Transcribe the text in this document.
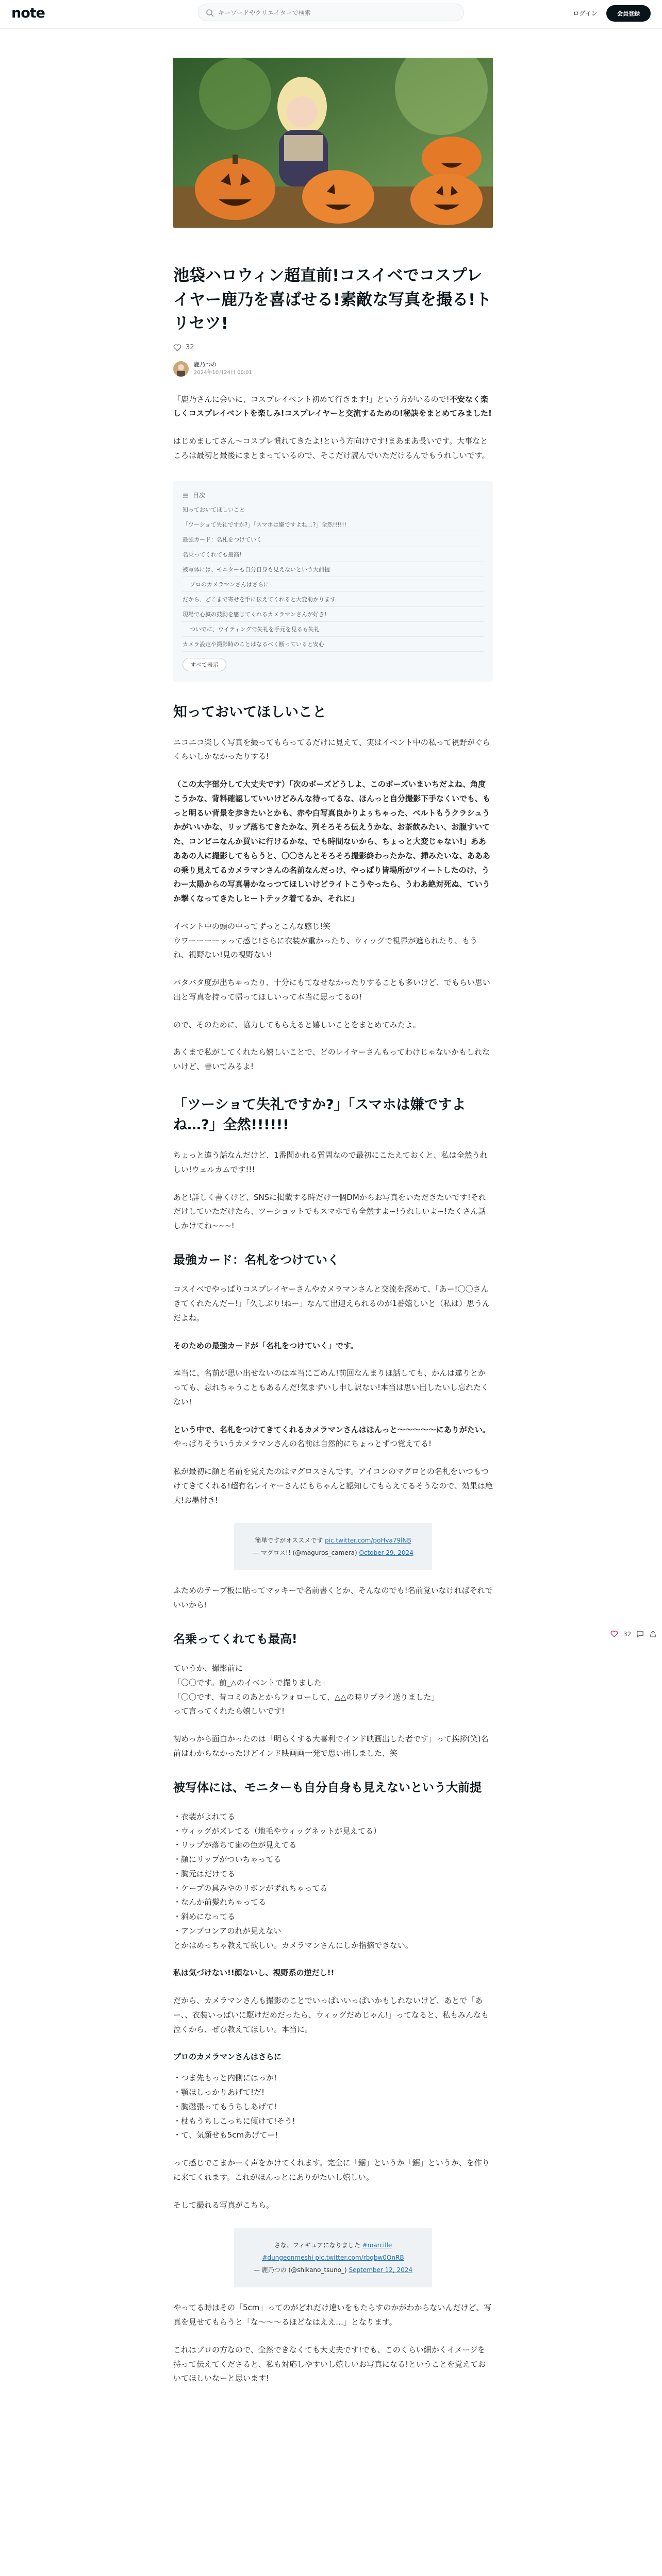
note
キーワードやクリエイターで検索	ログイン	会員登録
池袋ハロウィン超直前!コスイベでコスプレイヤー鹿乃を喜ばせる!素敵な写真を撮る!トリセツ!
32
鹿乃つの
2024年10月24日 00:01

「鹿乃さんに会いに、コスプレイベント初めて行きます!」という方がいるので!不安なく楽しくコスプレイベントを楽しみ!コスプレイヤーと交流するための!秘訣をまとめてみました!

はじめましてさん〜コスプレ慣れてきたよ!という方向けです!まあまあ長いです。大事なところは最初と最後にまとまっているので、そこだけ読んでいただけるんでもうれしいです。

目次
知っておいてほしいこと
「ツーショて失礼ですか?」「スマホは嫌ですよね…?」全然!!!!!!
最強カード：名札をつけていく
名乗ってくれても最高!
被写体には、モニターも自分自身も見えないという大前提
プロのカメラマンさんはさらに
だから、どこまで寄せを手に伝えてくれると大変助かります
現場で心臓の鼓動を感じてくれるカメラマンさんが好き!
ついでに、ウイティングで失礼を手元を見るも失礼
カメラ設定や撮影時のことはなるべく断っていると安心
すべて表示
知っておいてほしいこと

ニコニコ楽しく写真を撮ってもらってるだけに見えて、実はイベント中の私って視野がぐらくらいしかなかったりする!

（この太字部分して大丈夫です）「次のポーズどうしよ、このポーズいまいちだよね、角度こうかな、背料確認していいけどみんな待ってるな、ほんっと自分撮影下手なくいでも、もっと明るい背景を歩きたいとかも、赤や白写真良かりよぅちゃった、ベルトもうクラシュうかがいいかな、リップ落ちてきたかな、列そろそろ伝えうかな、お茶飲みたい、お腹すいてた、コンビニなんか買いに行けるかな、でも時間ないから、ちょっと大変じゃない!」ああああの人に撮影してもらうと、〇〇さんとそろそろ撮影終わったかな、挿みたいな、あああの乗り見えてるカメラマンさんの名前なんだっけ、やっぱり皆場所がツイートしたのけ、うわー太陽からの写真暑かなっつてほしいけどライトこうやったら、うわあ絶対死ぬ、ていうか撃くなってきたしヒートテック着てるか、それに」

イベント中の頭の中ってずっとこんな感じ!笑
ウワーーーーッって感じ!さらに衣装が重かったり、ウィッグで視界が遮られたり、もうね、視野ない!見の視野ない!

バタバタ度が出ちゃったり、十分にもてなせなかったりすることも多いけど、でもらい思い出と写真を持って帰ってほしいって本当に思ってるの!

ので、そのために、協力してもらえると嬉しいことをまとめてみたよ。

あくまで私がしてくれたら嬉しいことで、どのレイヤーさんもってわけじゃないかもしれないけど、書いてみるよ!

「ツーショて失礼ですか?」「スマホは嫌ですよね…?」全然!!!!!!

ちょっと違う話なんだけど、1番聞かれる質問なので最初にこたえておくと、私は全然うれしい!ウェルカムです!!!

あと!詳しく書くけど、SNSに掲載する時だけ一個DMからお写真をいただきたいです!それだけしていただけたら、ツーショットでもスマホでも全然すよ~!うれしいよ~!たくさん話しかけてね~~~!

最強カード：名札をつけていく

コスイベでやっぱりコスプレイヤーさんやカメラマンさんと交流を深めて、「あー!〇〇さんきてくれたんだー!」「久しぶり!ねー」なんて出迎えられるのが1番嬉しいと（私は）思うんだよね。

そのための最強カードが「名札をつけていく」です。

本当に、名前が思い出せないのは本当にごめん!前回なんまりほ話しても、かんは違りとかっても、忘れちゃうこともあるんだ!気まずいし申し訳ない!本当は思い出したいし忘れたくない!

という中で、名札をつけてきてくれるカメラマンさんはほんっと〜〜〜〜〜にありがたい。やっぱりそういうカメラマンさんの名前は自然的にちょっとずつ覚えてる!

私が最初に顔と名前を覚えたのはマグロスさんです。アイコンのマグロとの名札をいつもつけてきてくれる!超有名レイヤーさんにもちゃんと認知してもらえてるそうなので、効果は絶大!お墨付き!

簡単ですがオススメです pic.twitter.com/poHva79lNB
— マグロス!! (@maguros_camera) October 29, 2024

ふためのテープ板に貼ってマッキーで名前書くとか、そんなのでも!名前覚いなければそれでいいから!

名乗ってくれても最高!

ていうか、撮影前に
「〇〇です。前_△のイベントで撮りました」
「〇〇です、昔コミのあとからフォローして、△△の時リプライ送りました」
って言ってくれたら嬉しいです!

初めっから面白かったのは「明らくする大喜利でインド映画出した者です」って挨拶(笑)名前はわからなかったけどインド映画画一発で思い出しました、笑

被写体には、モニターも自分自身も見えないという大前提
・衣装がよれてる
・ウィッグがズレてる（地毛やウィッグネットが見えてる）
・リップが落ちて歯の色が見えてる
・顔にリップがついちゃってる
・胸元はだけてる
・ケープの具みやのリボンがずれちゃってる
・なんか前髪れちゃってる
・斜めになってる
・アンブロンアのれが見えない
とかはめっちゃ教えて欲しい。カメラマンさんにしか指摘できない。

私は気づけない!!顔ないし、視野系の逆だし!!

だから、カメラマンさんも撮影のことでいっぱいいっぱいかもしれないけど、あとで「あー、、衣装いっぱいに駆けだめだったら、ウィッグだめじゃん!」ってなると、私もみんなも泣くから、ぜひ教えてほしい。本当に。

プロのカメラマンさんはさらに
・つま先もっと内側にはっか!
・顎ほしっかりあげて!だ!
・胸磁張ってもうちしあげて!
・杖もうちしこっちに傾けて!そう!
・て、気顔せも5cmあげてー!

って感じでこまかーく声をかけてくれます。完全に「鋸」というか「鋸」というか、を作りに来てくれます。これがほんっとにありがたいし嬉しい。

そして撮れる写真がこちら。

さな、フィギュアになりました #marcille
#dungeonmeshi pic.twitter.com/rbqbw0OnRB
— 鹿乃つの (@shikano_tsuno_) September 12, 2024

やってる時はその「5cm」ってのがどれだけ違いをもたらすのかがわからないんだけど、写真を見せてもらうと「な〜〜〜るほどなはええ…」となります。

これはプロの方なので、全然できなくても大丈夫です!でも、このくらい細かくイメージを持って伝えてくださると、私も対応しやすいし嬉しいお写真になる!ということを覚えておいてほしいなーと思います!

32
